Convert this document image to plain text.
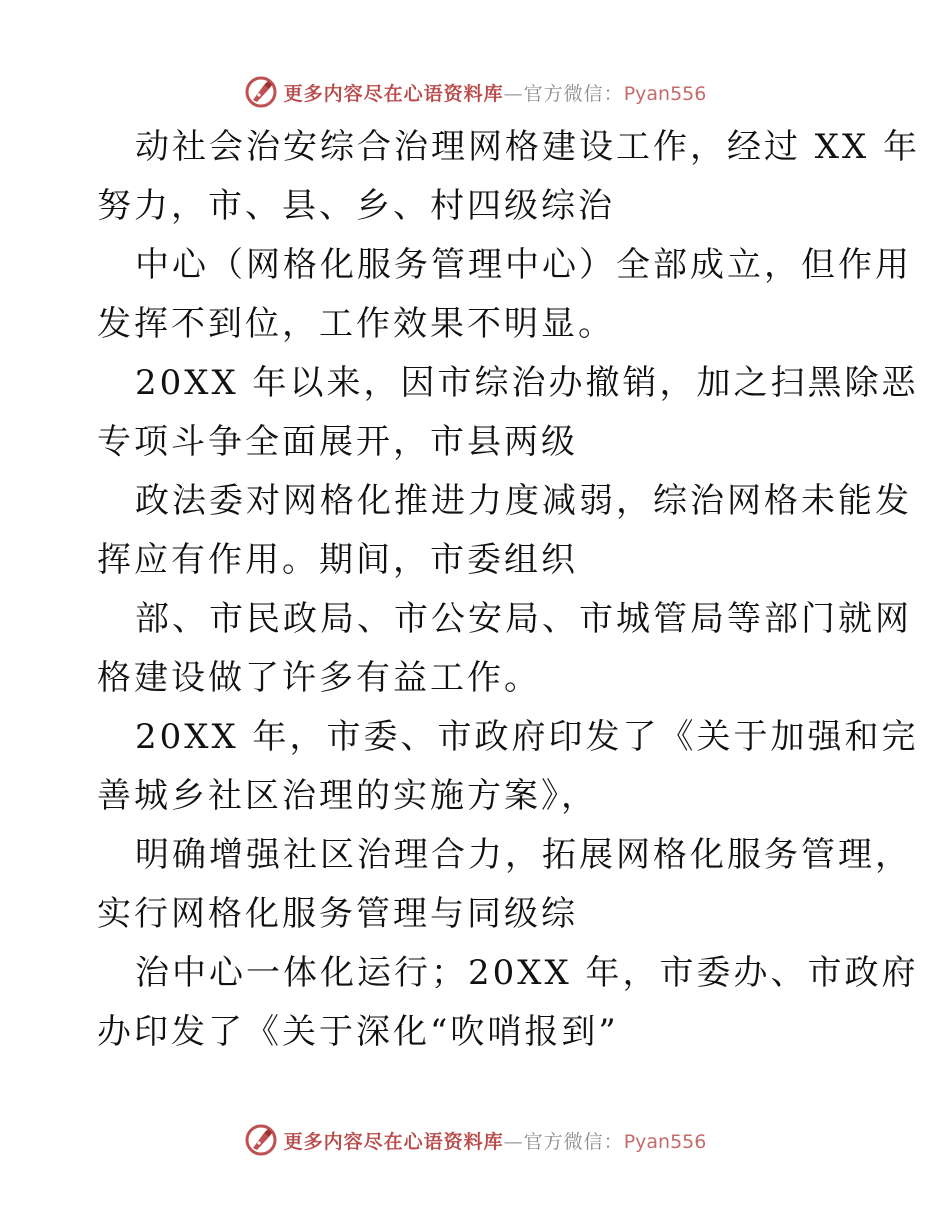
更多内容尽在心语资料库—官方微信：Pyan556

动社会治安综合治理网格建设工作，经过 XX 年
努力，市、县、乡、村四级综治

中心（网格化服务管理中心）全部成立，但作用
发挥不到位，工作效果不明显。

20XX 年以来，因市综治办撤销，加之扫黑除恶
专项斗争全面展开，市县两级

政法委对网格化推进力度减弱，综治网格未能发
挥应有作用。期间，市委组织

部、市民政局、市公安局、市城管局等部门就网
格建设做了许多有益工作。

20XX 年，市委、市政府印发了《关于加强和完
善城乡社区治理的实施方案》，

明确增强社区治理合力，拓展网格化服务管理，
实行网格化服务管理与同级综

治中心一体化运行；20XX 年，市委办、市政府
办印发了《关于深化“吹哨报到”

更多内容尽在心语资料库—官方微信：Pyan556
